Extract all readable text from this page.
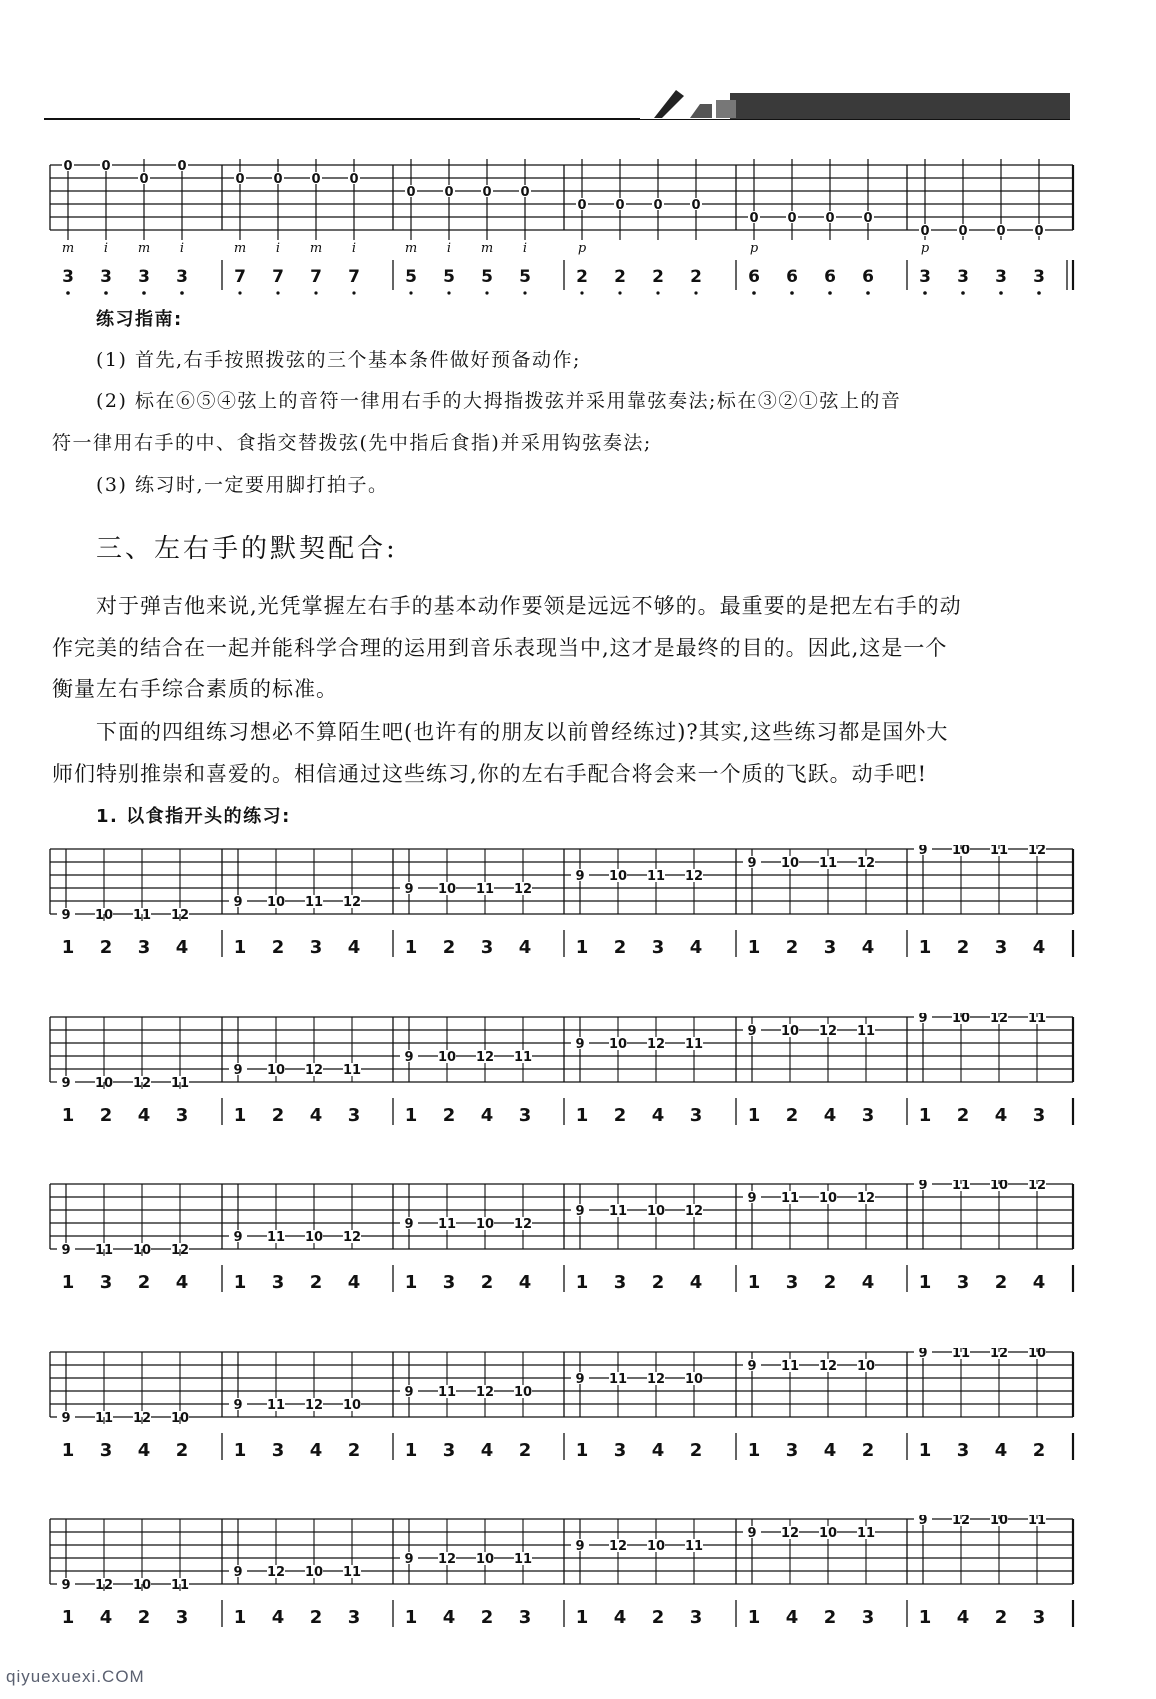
0
m
3
0
i
3
0
m
3
0
i
3
0
m
7
0
i
7
0
m
7
0
i
7
0
m
5
0
i
5
0
m
5
0
i
5
0
p
2
0
2
0
2
0
2
0
p
6
0
6
0
6
0
6
0
p
3
0
3
0
3
0
3
练习指南:
(1) 首先,右手按照拨弦的三个基本条件做好预备动作;
(2) 标在⑥⑤④弦上的音符一律用右手的大拇指拨弦并采用靠弦奏法;标在③②①弦上的音
符一律用右手的中、食指交替拨弦(先中指后食指)并采用钩弦奏法;
(3) 练习时,一定要用脚打拍子。
三、左右手的默契配合:
对于弹吉他来说,光凭掌握左右手的基本动作要领是远远不够的。最重要的是把左右手的动
作完美的结合在一起并能科学合理的运用到音乐表现当中,这才是最终的目的。因此,这是一个
衡量左右手综合素质的标准。
下面的四组练习想必不算陌生吧(也许有的朋友以前曾经练过)?其实,这些练习都是国外大
师们特别推崇和喜爱的。相信通过这些练习,你的左右手配合将会来一个质的飞跃。动手吧!
1. 以食指开头的练习:
9
1
10
2
11
3
12
4
9
1
10
2
11
3
12
4
9
1
10
2
11
3
12
4
9
1
10
2
11
3
12
4
9
1
10
2
11
3
12
4
9
1
10
2
11
3
12
4
9
1
10
2
12
4
11
3
9
1
10
2
12
4
11
3
9
1
10
2
12
4
11
3
9
1
10
2
12
4
11
3
9
1
10
2
12
4
11
3
9
1
10
2
12
4
11
3
9
1
11
3
10
2
12
4
9
1
11
3
10
2
12
4
9
1
11
3
10
2
12
4
9
1
11
3
10
2
12
4
9
1
11
3
10
2
12
4
9
1
11
3
10
2
12
4
9
1
11
3
12
4
10
2
9
1
11
3
12
4
10
2
9
1
11
3
12
4
10
2
9
1
11
3
12
4
10
2
9
1
11
3
12
4
10
2
9
1
11
3
12
4
10
2
9
1
12
4
10
2
11
3
9
1
12
4
10
2
11
3
9
1
12
4
10
2
11
3
9
1
12
4
10
2
11
3
9
1
12
4
10
2
11
3
9
1
12
4
10
2
11
3
qiyuexuexi.COM
